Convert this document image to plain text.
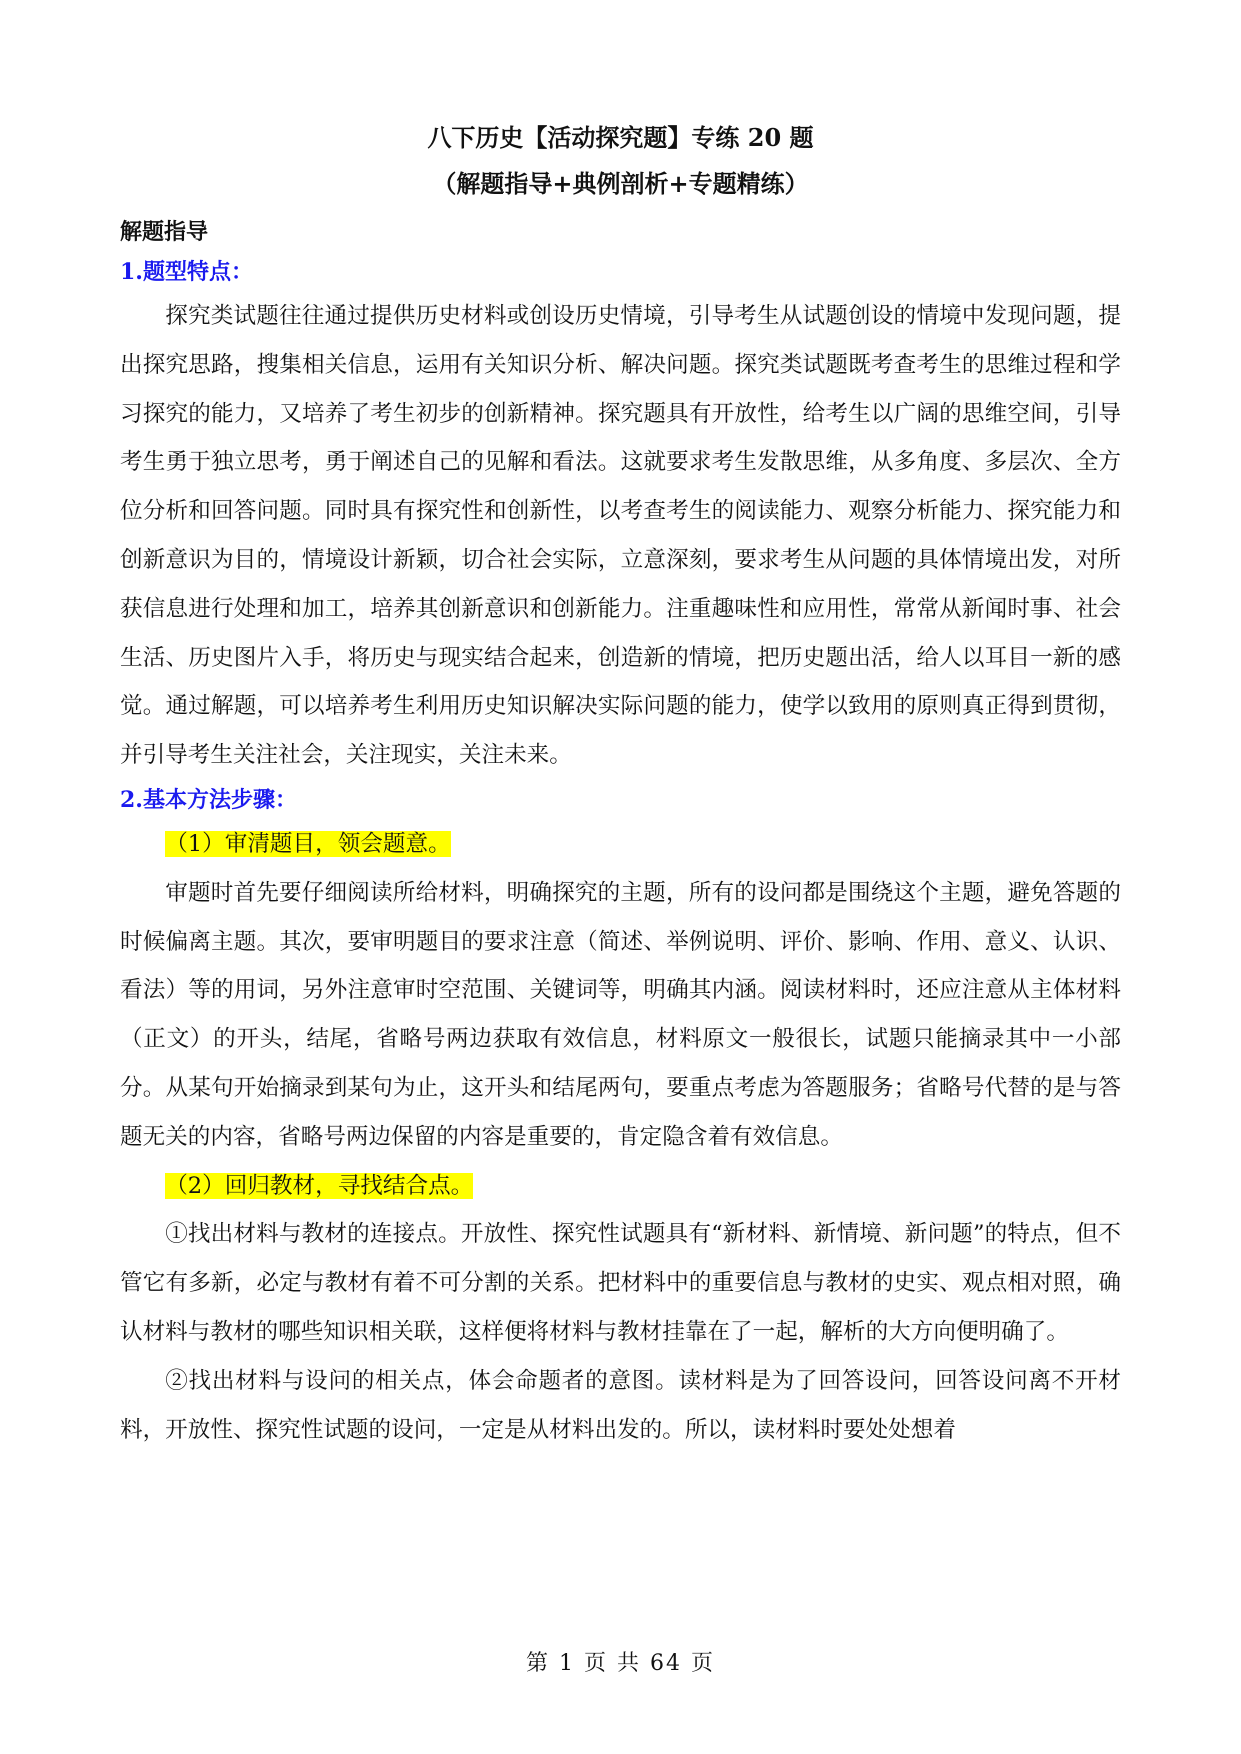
八下历史【活动探究题】专练 20 题
（解题指导+典例剖析+专题精练）
解题指导
1.题型特点：

探究类试题往往通过提供历史材料或创设历史情境，引导考生从试题创设的情境中发现问题，提出探究思路，搜集相关信息，运用有关知识分析、解决问题。探究类试题既考查考生的思维过程和学习探究的能力，又培养了考生初步的创新精神。探究题具有开放性，给考生以广阔的思维空间，引导考生勇于独立思考，勇于阐述自己的见解和看法。这就要求考生发散思维，从多角度、多层次、全方位分析和回答问题。同时具有探究性和创新性，以考查考生的阅读能力、观察分析能力、探究能力和创新意识为目的，情境设计新颖，切合社会实际，立意深刻，要求考生从问题的具体情境出发，对所获信息进行处理和加工，培养其创新意识和创新能力。注重趣味性和应用性，常常从新闻时事、社会生活、历史图片入手，将历史与现实结合起来，创造新的情境，把历史题出活，给人以耳目一新的感觉。通过解题，可以培养考生利用历史知识解决实际问题的能力，使学以致用的原则真正得到贯彻，并引导考生关注社会，关注现实，关注未来。

2.基本方法步骤：

（1）审清题目，领会题意。

审题时首先要仔细阅读所给材料，明确探究的主题，所有的设问都是围绕这个主题，避免答题的时候偏离主题。其次，要审明题目的要求注意（简述、举例说明、评价、影响、作用、意义、认识、看法）等的用词，另外注意审时空范围、关键词等，明确其内涵。阅读材料时，还应注意从主体材料（正文）的开头，结尾，省略号两边获取有效信息，材料原文一般很长，试题只能摘录其中一小部分。从某句开始摘录到某句为止，这开头和结尾两句，要重点考虑为答题服务；省略号代替的是与答题无关的内容，省略号两边保留的内容是重要的，肯定隐含着有效信息。

（2）回归教材，寻找结合点。

①找出材料与教材的连接点。开放性、探究性试题具有“新材料、新情境、新问题”的特点，但不管它有多新，必定与教材有着不可分割的关系。把材料中的重要信息与教材的史实、观点相对照，确认材料与教材的哪些知识相关联，这样便将材料与教材挂靠在了一起，解析的大方向便明确了。

②找出材料与设问的相关点，体会命题者的意图。读材料是为了回答设问，回答设问离不开材料，开放性、探究性试题的设问，一定是从材料出发的。所以，读材料时要处处想着

第 1 页 共 64 页
